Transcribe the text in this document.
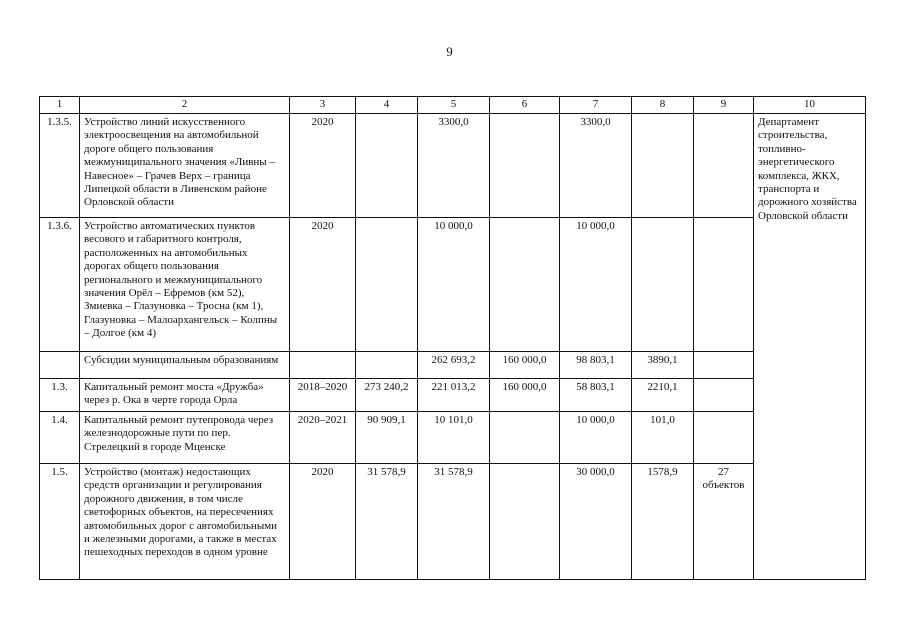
9
1	2	3	4	5	6	7	8	9	10
1.3.5.	Устройство линий искусственного электроосвещения на автомобильной дороге общего пользования межмуниципального значения «Ливны – Навесное» – Грачев Верх – граница Липецкой области в Ливенском районе Орловской области	2020		3300,0		3300,0			Департамент строительства, топливно-энергетического комплекса, ЖКХ, транспорта и дорожного хозяйства Орловской области
1.3.6.	Устройство автоматических пунктов весового и габаритного контроля, расположенных на автомобильных дорогах общего пользования регионального и межмуниципального значения Орёл – Ефремов (км 52), Змиевка – Глазуновка – Тросна (км 1), Глазуновка – Малоархангельск – Колпны – Долгое (км 4)	2020		10 000,0		10 000,0			
	Субсидии муниципальным образованиям			262 693,2	160 000,0	98 803,1	3890,1		
1.3.	Капитальный ремонт моста «Дружба» через р. Ока в черте города Орла	2018–2020	273 240,2	221 013,2	160 000,0	58 803,1	2210,1		
1.4.	Капитальный ремонт путепровода через железнодорожные пути по пер. Стрелецкий в городе Мценске	2020–2021	90 909,1	10 101,0		10 000,0	101,0		
1.5.	Устройство (монтаж) недостающих средств организации и регулирования дорожного движения, в том числе светофорных объектов, на пересечениях автомобильных дорог с автомобильными и железными дорогами, а также в местах пешеходных переходов в одном уровне	2020	31 578,9	31 578,9		30 000,0	1578,9	27 объектов	
